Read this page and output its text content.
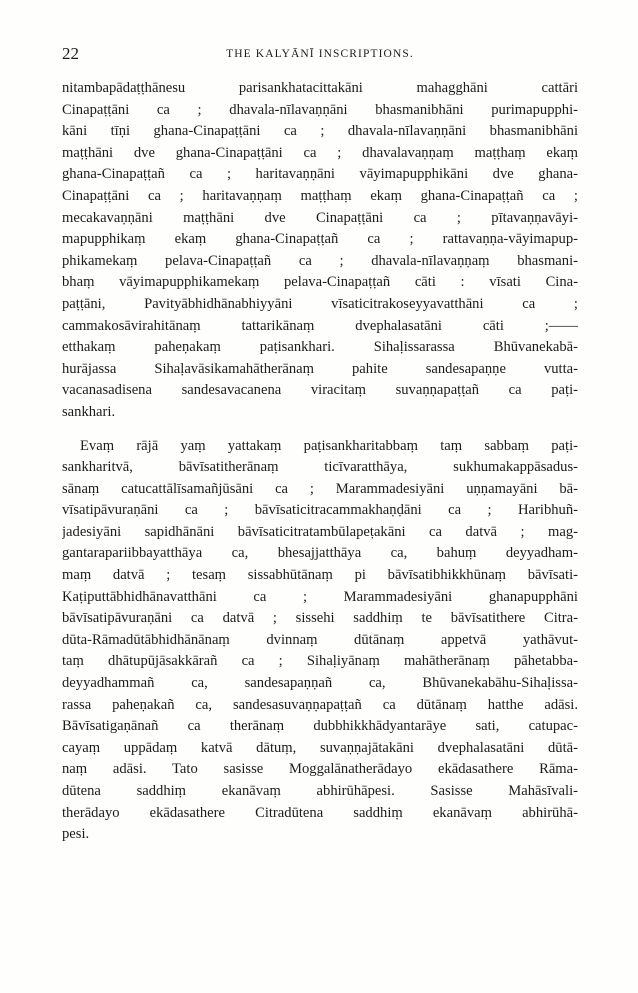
22	THE KALYĀNĪ INSCRIPTIONS.

nitambapādaṭṭhānesu parisankhatacittakāni mahagghāni cattāri
Cinapaṭṭāni ca ; dhavala-nīlavaṇṇāni bhasmanibhāni purimapupphi-
kāni tīṇi ghana-Cinapaṭṭāni ca ; dhavala-nīlavaṇṇāni bhasmanibhāni
maṭṭhāni dve ghana-Cinapaṭṭāni ca ; dhavalavaṇṇaṃ maṭṭhaṃ ekaṃ
ghana-Cinapaṭṭañ ca ; haritavaṇṇāni vāyimapupphikāni dve ghana-
Cinapaṭṭāni ca ; haritavaṇṇaṃ maṭṭhaṃ ekaṃ ghana-Cinapaṭṭañ ca ;
mecakavaṇṇāni maṭṭhāni dve Cinapaṭṭāni ca ; pītavaṇṇavāyi-
mapupphikaṃ ekaṃ ghana-Cinapaṭṭañ ca ; rattavaṇṇa-vāyimapup-
phikamekaṃ pelava-Cinapaṭṭañ ca ; dhavala-nīlavaṇṇaṃ bhasmani-
bhaṃ vāyimapupphikamekaṃ pelava-Cinapaṭṭañ cāti : vīsati Cina-
paṭṭāni, Pavityābhidhānabhiyyāni vīsaticitrakoseyyavatthāni ca ;
cammakosāvirahitānaṃ tattarikānaṃ dvephalasatāni cāti ;——
etthakaṃ paheṇakaṃ paṭisankhari. Sihaḷissarassa Bhūvanekabā-
hurājassa Sihaḷavāsikamahātherānaṃ pahite sandesapaṇṇe vutta-
vacanasadisena sandesavacanena viracitaṃ suvaṇṇapaṭṭañ ca paṭi-
sankhari.

Evaṃ rājā yaṃ yattakaṃ paṭisankharitabbaṃ taṃ sabbaṃ paṭi-
sankharitvā, bāvīsatitherānaṃ ticīvaratthāya, sukhumakappāsadus-
sānaṃ catucattālīsamañjūsāni ca ; Marammadesiyāni uṇṇamayāni bā-
vīsatipāvuraṇāni ca ; bāvīsaticitracammakhaṇḍāni ca ; Haribhuñ-
jadesiyāni sapidhānāni bāvīsaticitratambūlapeṭakāni ca datvā ; mag-
gantarapariibbayatthāya ca, bhesajjatthāya ca, bahuṃ deyyadham-
maṃ datvā ; tesaṃ sissabhūtānaṃ pi bāvīsatibhikkhūnaṃ bāvīsati-
Kaṭiputtābhidhānavatthāni ca ; Marammadesiyāni ghanapupphāni
bāvīsatipāvuraṇāni ca datvā ; sissehi saddhiṃ te bāvīsatithere Citra-
dūta-Rāmadūtābhidhānānaṃ dvinnaṃ dūtānaṃ appetvā yathāvut-
taṃ dhātupūjāsakkārañ ca ; Sihaḷiyānaṃ mahātherānaṃ pāhetabba-
deyyadhammañ ca, sandesapaṇṇañ ca, Bhūvanekabāhu-Sihaḷissa-
rassa paheṇakañ ca, sandesasuvaṇṇapaṭṭañ ca dūtānaṃ hatthe adāsi.
Bāvīsatigaṇānañ ca therānaṃ dubbhikkhādyantarāye sati, catupac-
cayaṃ uppādaṃ katvā dātuṃ, suvaṇṇajātakāni dvephalasatāni dūtā-
naṃ adāsi. Tato sasisse Moggalānatherādayo ekādasathere Rāma-
dūtena saddhiṃ ekanāvaṃ abhirūhāpesi. Sasisse Mahāsīvali-
therādayo ekādasathere Citradūtena saddhiṃ ekanāvaṃ abhirūhā-
pesi.
